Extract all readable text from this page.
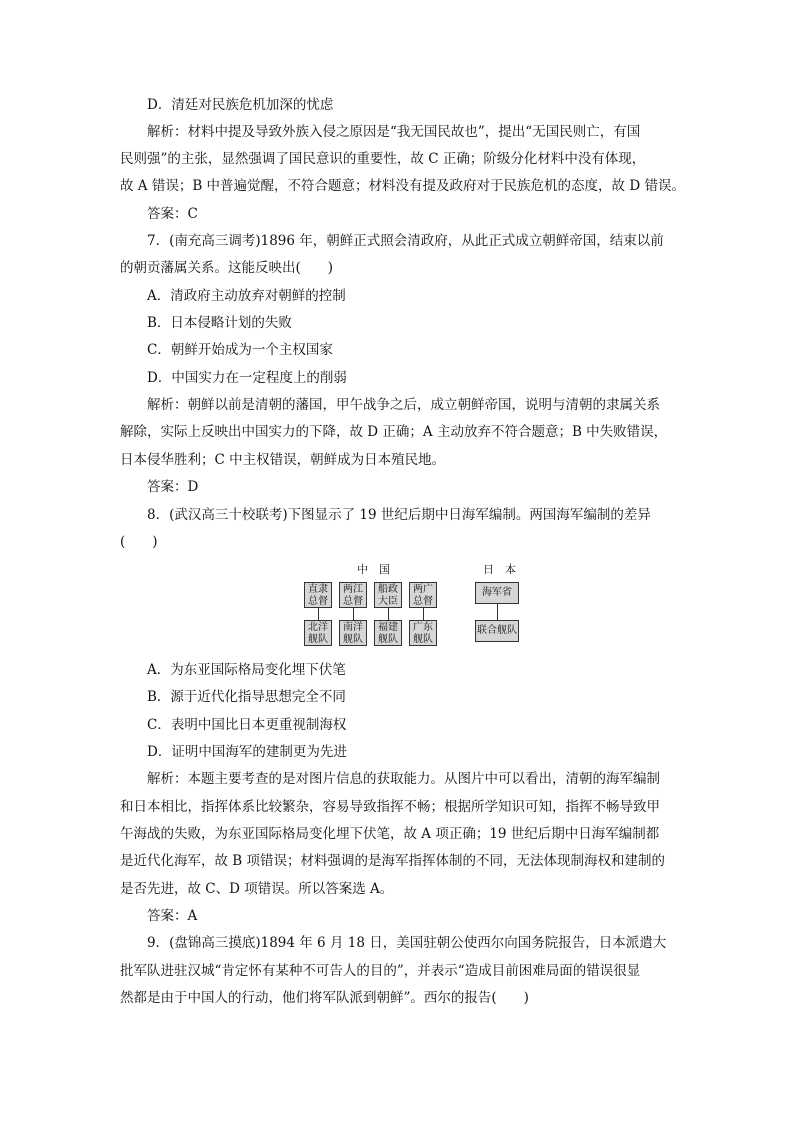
D．清廷对民族危机加深的忧虑
解析：材料中提及导致外族入侵之原因是“我无国民故也”，提出“无国民则亡，有国
民则强”的主张，显然强调了国民意识的重要性，故 C 正确；阶级分化材料中没有体现，
故 A 错误；B 中普遍觉醒，不符合题意；材料没有提及政府对于民族危机的态度，故 D 错误。
答案：C
7．(南充高三调考)1896 年，朝鲜正式照会清政府，从此正式成立朝鲜帝国，结束以前
的朝贡藩属关系。这能反映出(　　)
A．清政府主动放弃对朝鲜的控制
B．日本侵略计划的失败
C．朝鲜开始成为一个主权国家
D．中国实力在一定程度上的削弱
解析：朝鲜以前是清朝的藩国，甲午战争之后，成立朝鲜帝国，说明与清朝的隶属关系
解除，实际上反映出中国实力的下降，故 D 正确；A 主动放弃不符合题意；B 中失败错误，
日本侵华胜利；C 中主权错误，朝鲜成为日本殖民地。
答案：D
8．(武汉高三十校联考)下图显示了 19 世纪后期中日海军编制。两国海军编制的差异
(　　)
中　国	日　本
直隶
总督
两江
总督
船政
大臣
两广
总督
北洋
舰队
南洋
舰队
福建
舰队
广东
舰队
海军省
联合舰队
A．为东亚国际格局变化埋下伏笔
B．源于近代化指导思想完全不同
C．表明中国比日本更重视制海权
D．证明中国海军的建制更为先进
解析：本题主要考查的是对图片信息的获取能力。从图片中可以看出，清朝的海军编制
和日本相比，指挥体系比较繁杂，容易导致指挥不畅；根据所学知识可知，指挥不畅导致甲
午海战的失败，为东亚国际格局变化埋下伏笔，故 A 项正确；19 世纪后期中日海军编制都
是近代化海军，故 B 项错误；材料强调的是海军指挥体制的不同，无法体现制海权和建制的
是否先进，故 C、D 项错误。所以答案选 A。
答案：A
9．(盘锦高三摸底)1894 年 6 月 18 日，美国驻朝公使西尔向国务院报告，日本派遣大
批军队进驻汉城“肯定怀有某种不可告人的目的”，并表示“造成目前困难局面的错误很显
然都是由于中国人的行动，他们将军队派到朝鲜”。西尔的报告(　　)
